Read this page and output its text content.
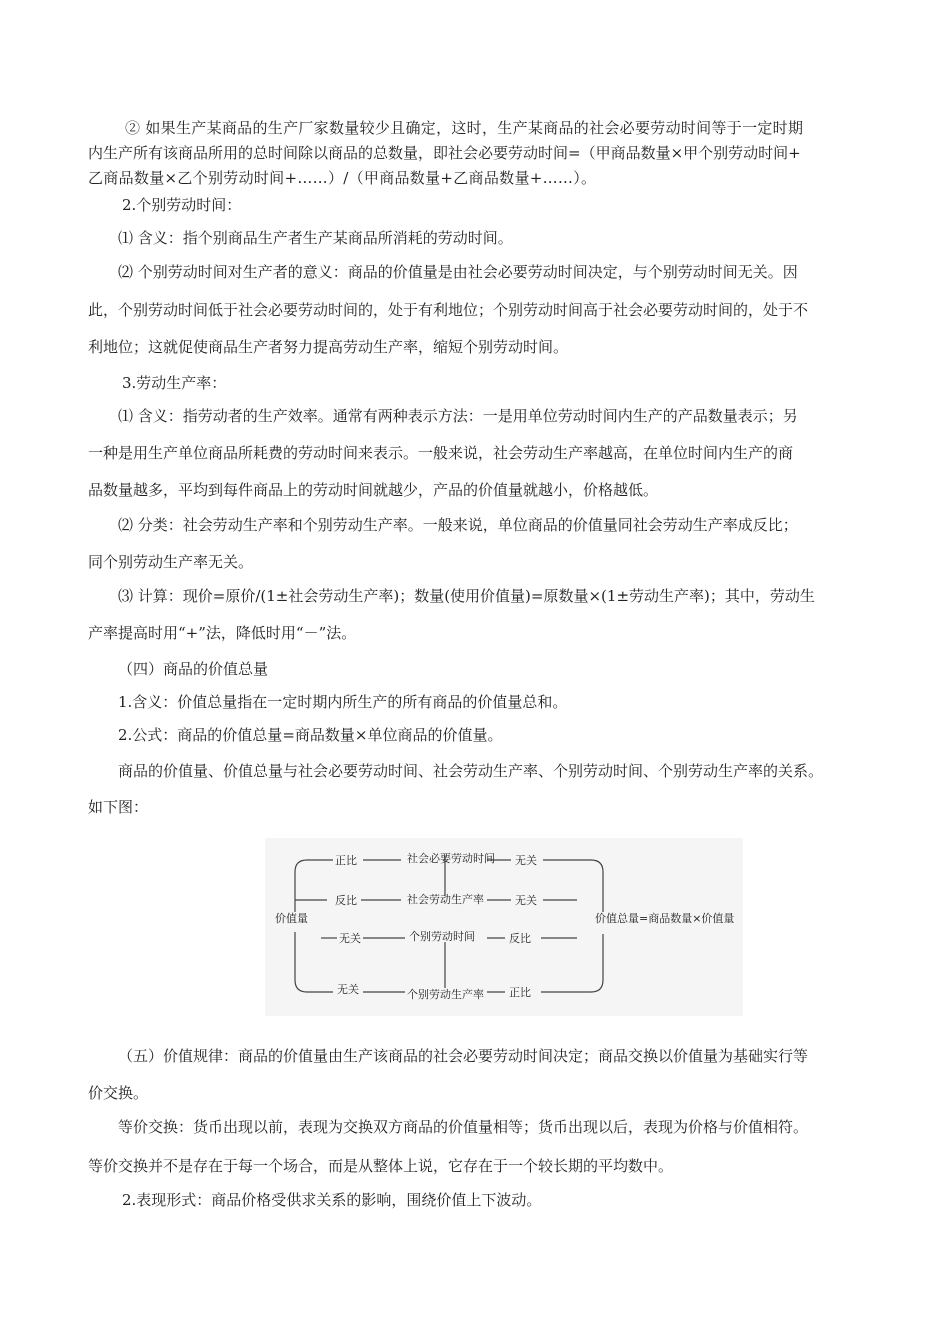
② 如果生产某商品的生产厂家数量较少且确定，这时，生产某商品的社会必要劳动时间等于一定时期
内生产所有该商品所用的总时间除以商品的总数量，即社会必要劳动时间=（甲商品数量×甲个别劳动时间+
乙商品数量×乙个别劳动时间+……）/（甲商品数量+乙商品数量+……）。
2.个别劳动时间：
⑴ 含义：指个别商品生产者生产某商品所消耗的劳动时间。
⑵ 个别劳动时间对生产者的意义：商品的价值量是由社会必要劳动时间决定，与个别劳动时间无关。因
此，个别劳动时间低于社会必要劳动时间的，处于有利地位；个别劳动时间高于社会必要劳动时间的，处于不
利地位；这就促使商品生产者努力提高劳动生产率，缩短个别劳动时间。
3.劳动生产率：
⑴ 含义：指劳动者的生产效率。通常有两种表示方法：一是用单位劳动时间内生产的产品数量表示；另
一种是用生产单位商品所耗费的劳动时间来表示。一般来说，社会劳动生产率越高，在单位时间内生产的商
品数量越多，平均到每件商品上的劳动时间就越少，产品的价值量就越小，价格越低。
⑵ 分类：社会劳动生产率和个别劳动生产率。一般来说，单位商品的价值量同社会劳动生产率成反比；
同个别劳动生产率无关。
⑶ 计算：现价=原价/(1±社会劳动生产率)；数量(使用价值量)=原数量×(1±劳动生产率)；其中，劳动生
产率提高时用“+”法，降低时用“－”法。
（四）商品的价值总量
1.含义：价值总量指在一定时期内所生产的所有商品的价值量总和。
2.公式：商品的价值总量=商品数量×单位商品的价值量。
商品的价值量、价值总量与社会必要劳动时间、社会劳动生产率、个别劳动时间、个别劳动生产率的关系。
如下图：
价值量	价值总量=商品数量×价值量
社会必要劳动时间
社会劳动生产率
个别劳动时间
个别劳动生产率
正比
反比
无关
无关
无关
无关
反比
正比
（五）价值规律：商品的价值量由生产该商品的社会必要劳动时间决定；商品交换以价值量为基础实行等
价交换。
等价交换：货币出现以前，表现为交换双方商品的价值量相等；货币出现以后，表现为价格与价值相符。
等价交换并不是存在于每一个场合，而是从整体上说，它存在于一个较长期的平均数中。
2.表现形式：商品价格受供求关系的影响，围绕价值上下波动。
